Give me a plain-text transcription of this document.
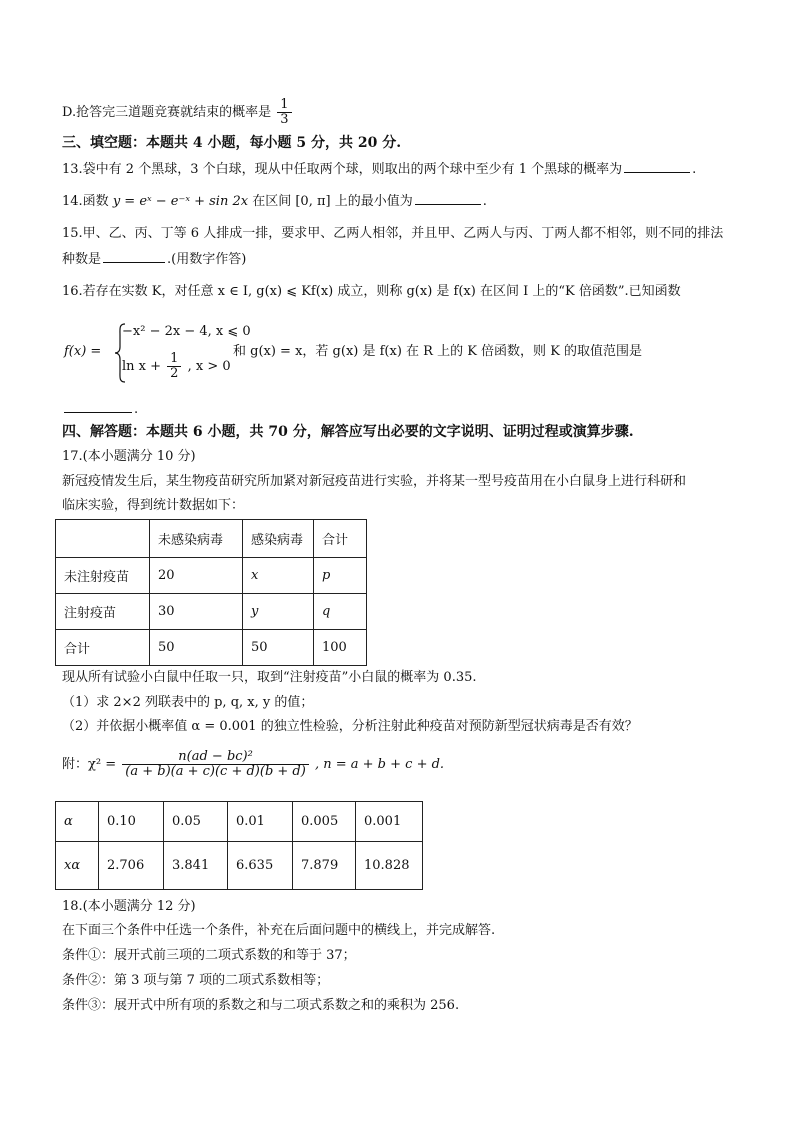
D.抢答完三道题竞赛就结束的概率是 $\frac{1}{3}$
三、填空题：本题共 4 小题，每小题 5 分，共 20 分.
13.袋中有 2 个黑球，3 个白球，现从中任取两个球，则取出的两个球中至少有 1 个黑球的概率为	.
14.函数 y = eˣ − e⁻ˣ + sin 2x 在区间 [0, π] 上的最小值为	.
15.甲、乙、丙、丁等 6 人排成一排，要求甲、乙两人相邻，并且甲、乙两人与丙、丁两人都不相邻，则不同的排法
种数是	.(用数字作答)
16.若存在实数 K，对任意 x ∈ I, g(x) ⩽ Kf(x) 成立，则称 g(x) 是 f(x) 在区间 I 上的“K 倍函数”.已知函数
f(x) =
−x² − 2x − 4, x ⩽ 0
$\ln x + \frac{1}{2}$ , x > 0
和 g(x) = x，若 g(x) 是 f(x) 在 R 上的 K 倍函数，则 K 的取值范围是
.
四、解答题：本题共 6 小题，共 70 分，解答应写出必要的文字说明、证明过程或演算步骤.
17.(本小题满分 10 分)
新冠疫情发生后，某生物疫苗研究所加紧对新冠疫苗进行实验，并将某一型号疫苗用在小白鼠身上进行科研和
临床实验，得到统计数据如下：
	未感染病毒	感染病毒	合计
未注射疫苗	20	x	p
注射疫苗	30	y	q
合计	50	50	100
现从所有试验小白鼠中任取一只，取到“注射疫苗”小白鼠的概率为 0.35.
（1）求 2×2 列联表中的 p, q, x, y 的值；
（2）并依据小概率值 α = 0.001 的独立性检验，分析注射此种疫苗对预防新型冠状病毒是否有效？
附：$\chi^2 = \frac{\text{n(ad − bc)²}}{(a + b)(a + c)(c + d)(b + d)}$ , n = a + b + c + d.
α	0.10	0.05	0.01	0.005	0.001
xα	2.706	3.841	6.635	7.879	10.828
18.(本小题满分 12 分)
在下面三个条件中任选一个条件，补充在后面问题中的横线上，并完成解答.
条件①：展开式前三项的二项式系数的和等于 37；
条件②：第 3 项与第 7 项的二项式系数相等；
条件③：展开式中所有项的系数之和与二项式系数之和的乘积为 256.
